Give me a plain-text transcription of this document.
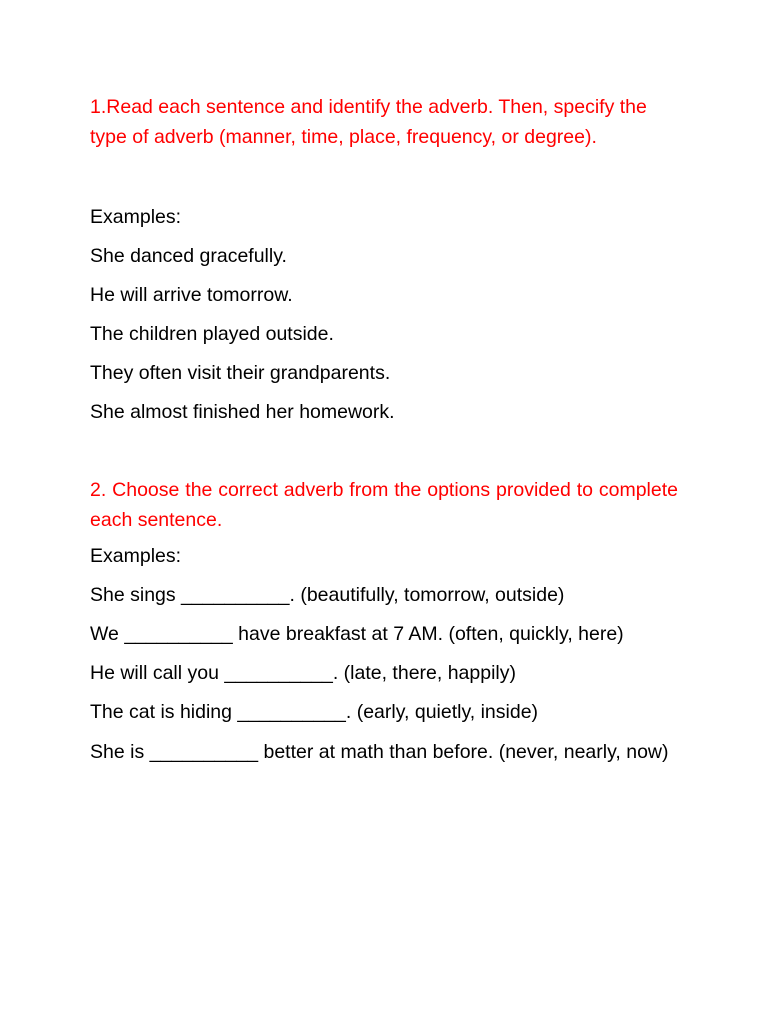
1.Read each sentence and identify the adverb. Then, specify the type of adverb (manner, time, place, frequency, or degree).

Examples:

She danced gracefully.

He will arrive tomorrow.

The children played outside.

They often visit their grandparents.

She almost finished her homework.

2. Choose the correct adverb from the options provided to complete each sentence.

Examples:

She sings __________. (beautifully, tomorrow, outside)

We __________ have breakfast at 7 AM. (often, quickly, here)

He will call you __________. (late, there, happily)

The cat is hiding __________. (early, quietly, inside)

She is __________ better at math than before. (never, nearly, now)
